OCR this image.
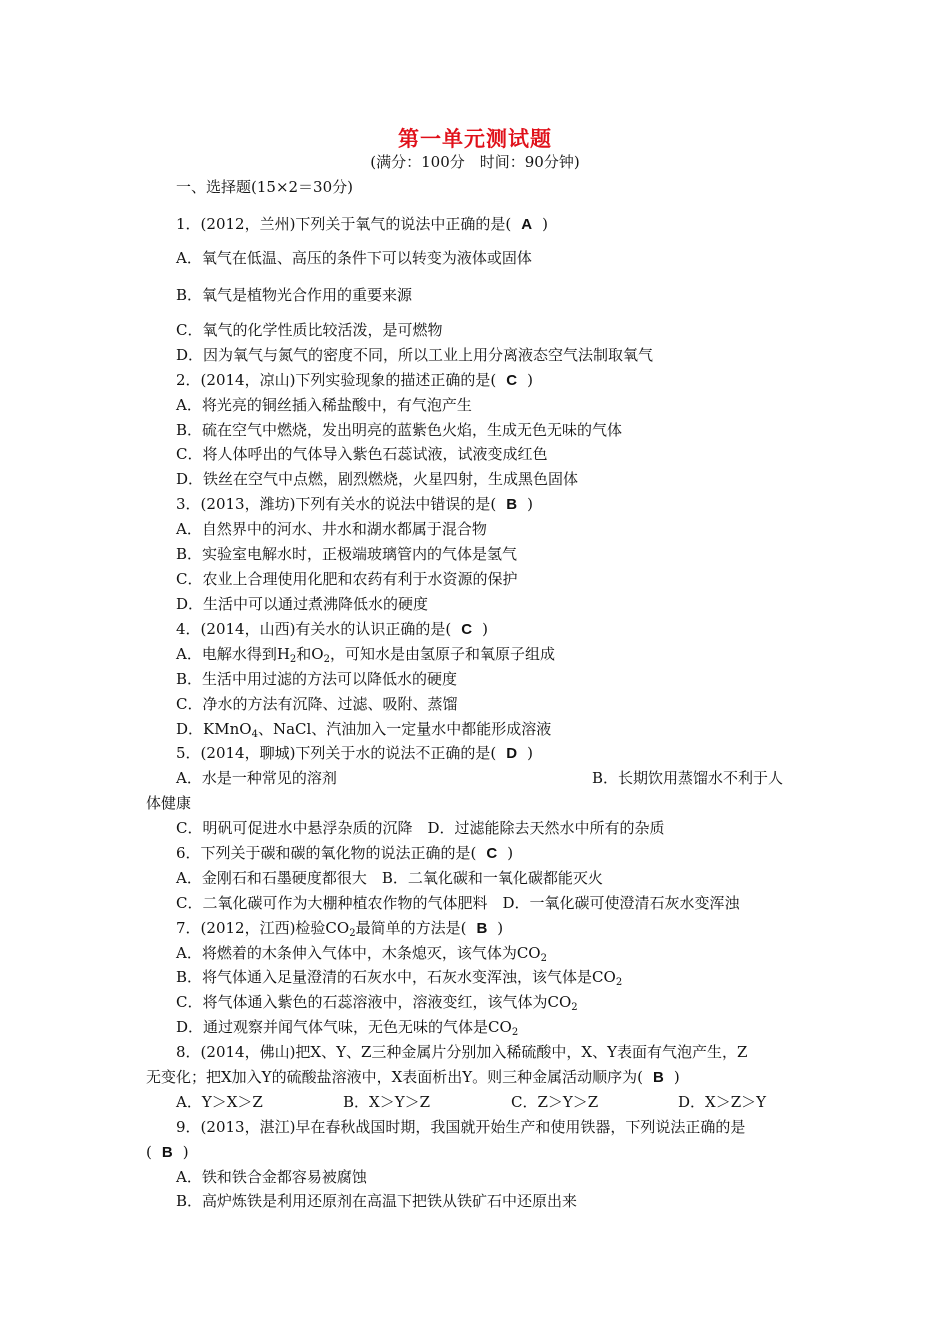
第一单元测试题
(满分：100分　时间：90分钟)
一、选择题(15×2＝30分)
1．(2012，兰州)下列关于氧气的说法中正确的是( A )
A．氧气在低温、高压的条件下可以转变为液体或固体
B．氧气是植物光合作用的重要来源
C．氧气的化学性质比较活泼，是可燃物
D．因为氧气与氮气的密度不同，所以工业上用分离液态空气法制取氧气
2．(2014，凉山)下列实验现象的描述正确的是( C )
A．将光亮的铜丝插入稀盐酸中，有气泡产生
B．硫在空气中燃烧，发出明亮的蓝紫色火焰，生成无色无味的气体
C．将人体呼出的气体导入紫色石蕊试液，试液变成红色
D．铁丝在空气中点燃，剧烈燃烧，火星四射，生成黑色固体
3．(2013，潍坊)下列有关水的说法中错误的是( B )
A．自然界中的河水、井水和湖水都属于混合物
B．实验室电解水时，正极端玻璃管内的气体是氢气
C．农业上合理使用化肥和农药有利于水资源的保护
D．生活中可以通过煮沸降低水的硬度
4．(2014，山西)有关水的认识正确的是( C )
A．电解水得到$H_2$和$O_2$，可知水是由氢原子和氧原子组成
B．生活中用过滤的方法可以降低水的硬度
C．净水的方法有沉降、过滤、吸附、蒸馏
D．KMnO$_4$、NaCl、汽油加入一定量水中都能形成溶液
5．(2014，聊城)下列关于水的说法不正确的是( D )
A．水是一种常见的溶剂	B．长期饮用蒸馏水不利于人
体健康
C．明矾可促进水中悬浮杂质的沉降　D．过滤能除去天然水中所有的杂质
6．下列关于碳和碳的氧化物的说法正确的是( C )
A．金刚石和石墨硬度都很大　B．二氧化碳和一氧化碳都能灭火
C．二氧化碳可作为大棚种植农作物的气体肥料　D．一氧化碳可使澄清石灰水变浑浊
7．(2012，江西)检验$CO_2$最简单的方法是( B )
A．将燃着的木条伸入气体中，木条熄灭，该气体为$CO_2$
B．将气体通入足量澄清的石灰水中，石灰水变浑浊，该气体是$CO_2$
C．将气体通入紫色的石蕊溶液中，溶液变红，该气体为$CO_2$
D．通过观察并闻气体气味，无色无味的气体是$CO_2$
8．(2014，佛山)把X、Y、Z三种金属片分别加入稀硫酸中，X、Y表面有气泡产生，Z
无变化；把X加入Y的硫酸盐溶液中，X表面析出Y。则三种金属活动顺序为( B )
A．Y＞X＞Z	B．X＞Y＞Z	C．Z＞Y＞Z	D．X＞Z＞Y
9．(2013，湛江)早在春秋战国时期，我国就开始生产和使用铁器，下列说法正确的是
( B )
A．铁和铁合金都容易被腐蚀
B．高炉炼铁是利用还原剂在高温下把铁从铁矿石中还原出来
